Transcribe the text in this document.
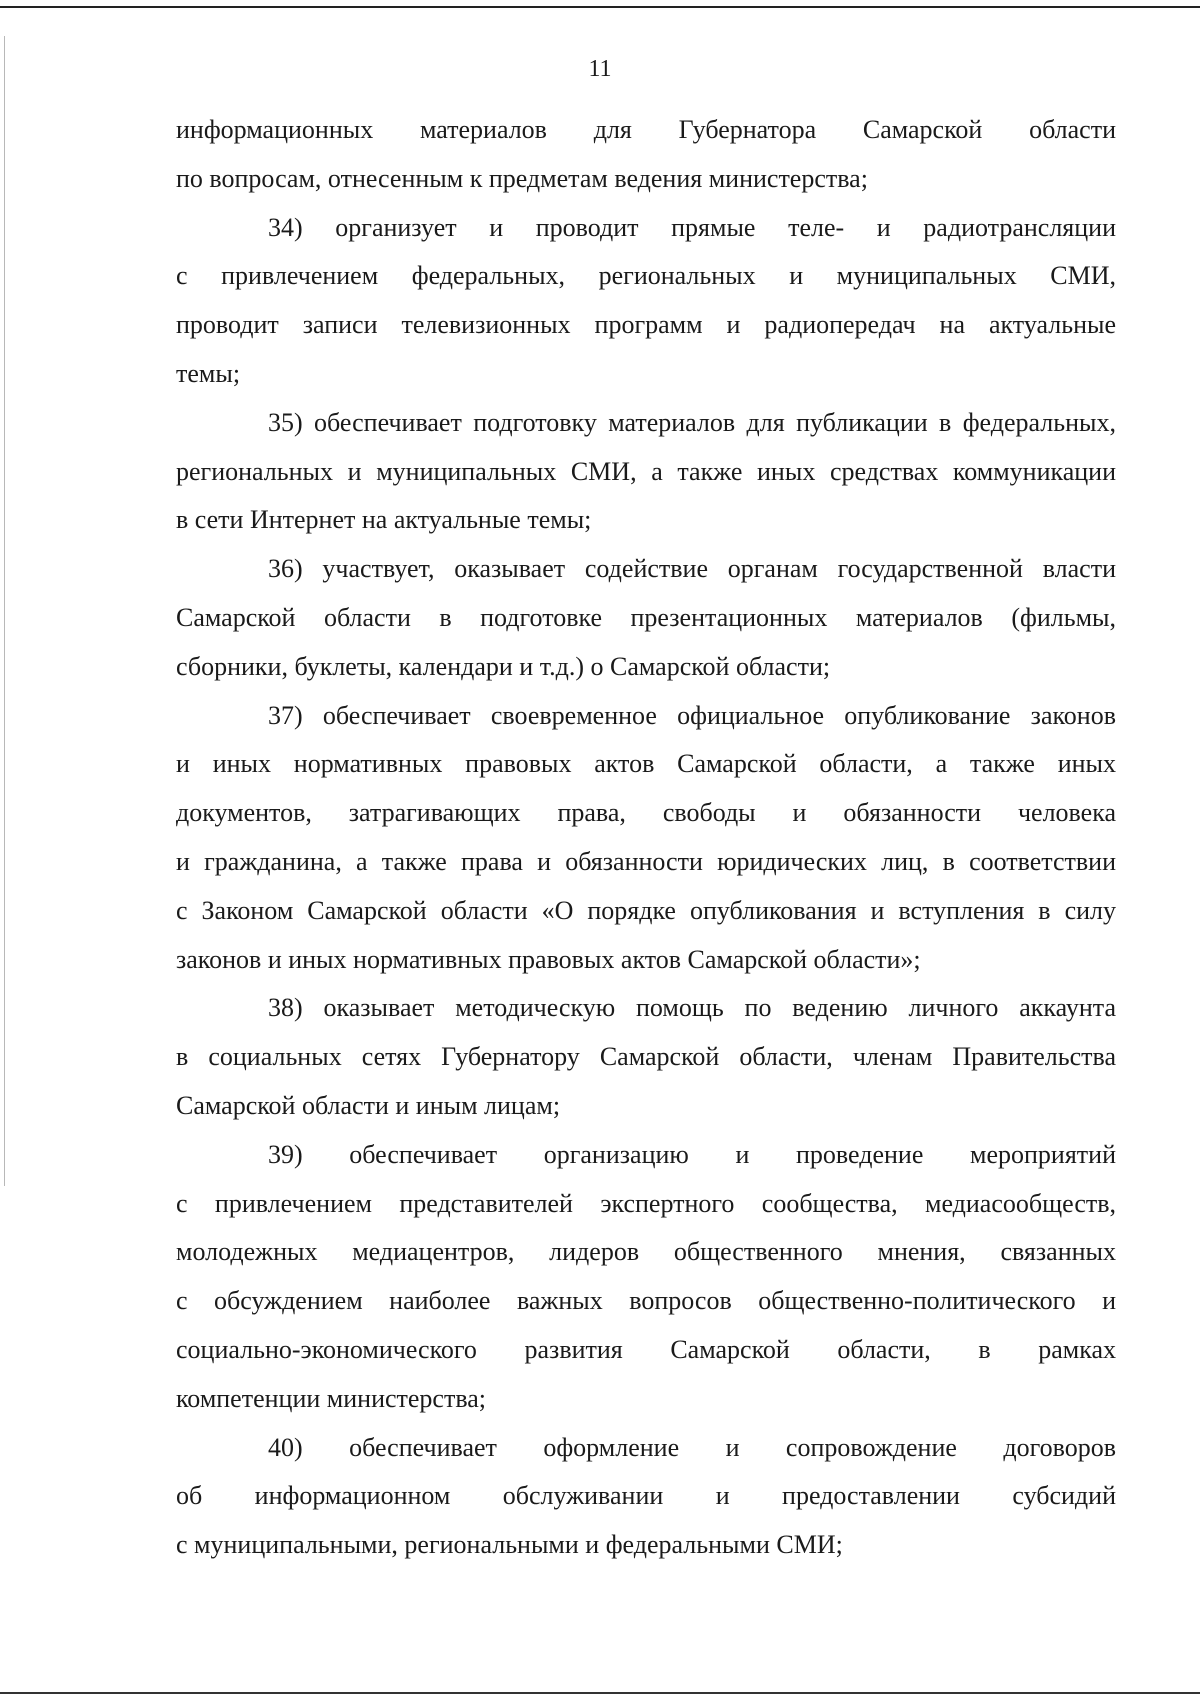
11
информационных материалов для Губернатора Самарской области
по вопросам, отнесенным к предметам ведения министерства;
34) организует и проводит прямые теле- и радиотрансляции
с привлечением федеральных, региональных и муниципальных СМИ,
проводит записи телевизионных программ и радиопередач на актуальные
темы;
35) обеспечивает подготовку материалов для публикации в федеральных,
региональных и муниципальных СМИ, а также иных средствах коммуникации
в сети Интернет на актуальные темы;
36) участвует, оказывает содействие органам государственной власти
Самарской области в подготовке презентационных материалов (фильмы,
сборники, буклеты, календари и т.д.) о Самарской области;
37) обеспечивает своевременное официальное опубликование законов
и иных нормативных правовых актов Самарской области, а также иных
документов, затрагивающих права, свободы и обязанности человека
и гражданина, а также права и обязанности юридических лиц, в соответствии
с Законом Самарской области «О порядке опубликования и вступления в силу
законов и иных нормативных правовых актов Самарской области»;
38) оказывает методическую помощь по ведению личного аккаунта
в социальных сетях Губернатору Самарской области, членам Правительства
Самарской области и иным лицам;
39) обеспечивает организацию и проведение мероприятий
с привлечением представителей экспертного сообщества, медиасообществ,
молодежных медиацентров, лидеров общественного мнения, связанных
с обсуждением наиболее важных вопросов общественно-политического и
социально-экономического развития Самарской области, в рамках
компетенции министерства;
40) обеспечивает оформление и сопровождение договоров
об информационном обслуживании и предоставлении субсидий
с муниципальными, региональными и федеральными СМИ;
